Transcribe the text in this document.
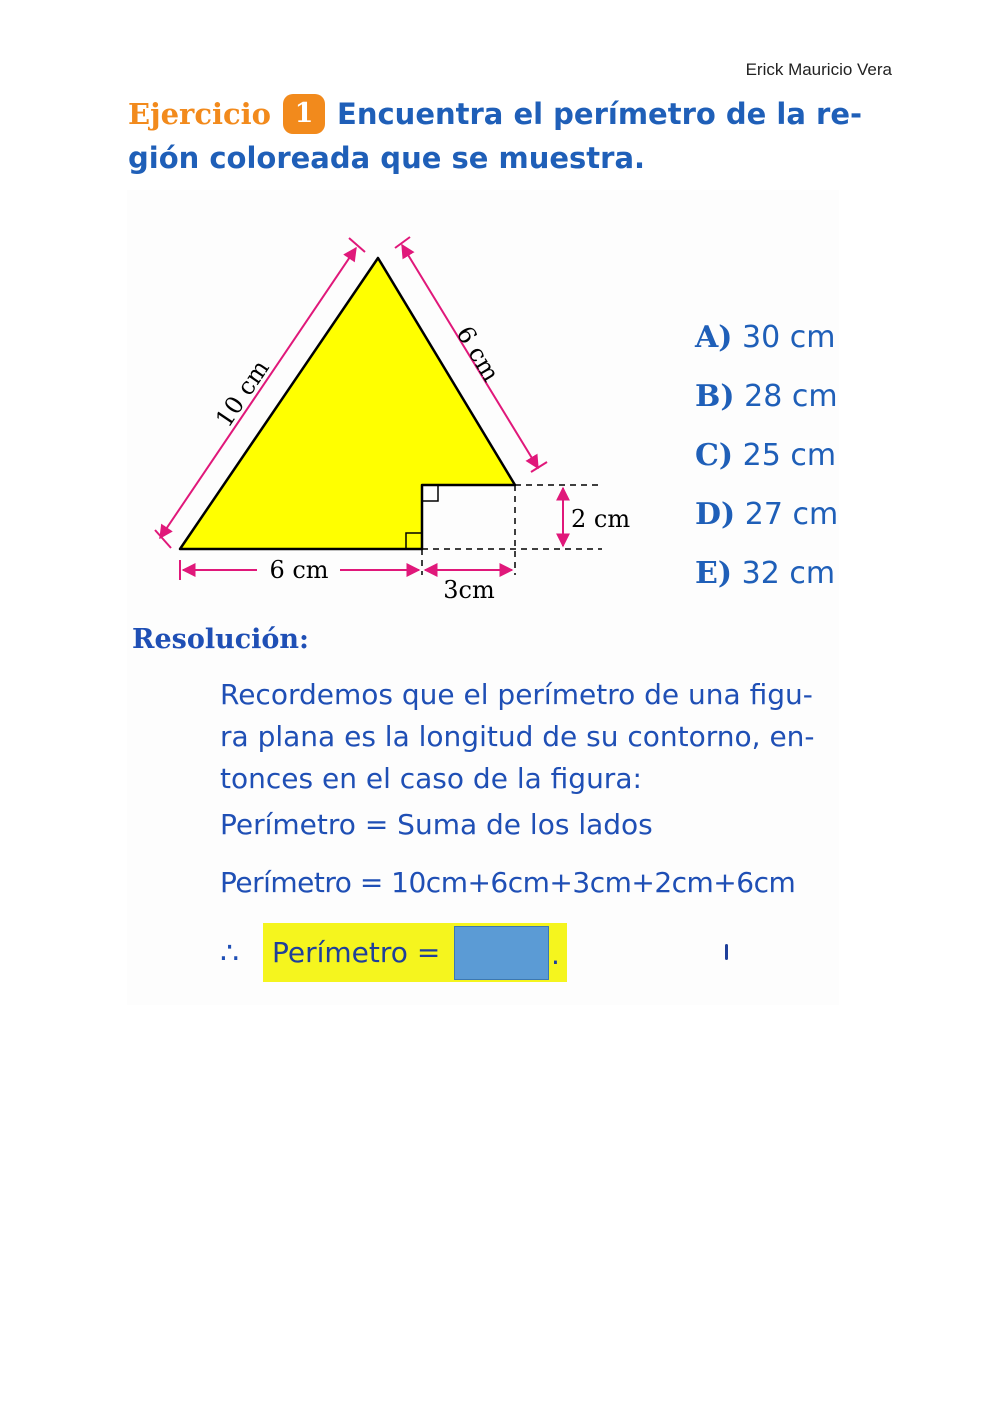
Erick Mauricio Vera
Ejercicio 1 Encuentra el perímetro de la re-
gión coloreada que se muestra.
10 cm
6 cm
6 cm
3cm
2 cm
A) 30 cm
B) 28 cm
C) 25 cm
D) 27 cm
E) 32 cm
Resolución:

Recordemos que el perímetro de una figu-
ra plana es la longitud de su contorno, en-
tonces en el caso de la figura:

Perímetro = Suma de los lados
Perímetro = 10cm+6cm+3cm+2cm+6cm
∴ Perímetro =	.
